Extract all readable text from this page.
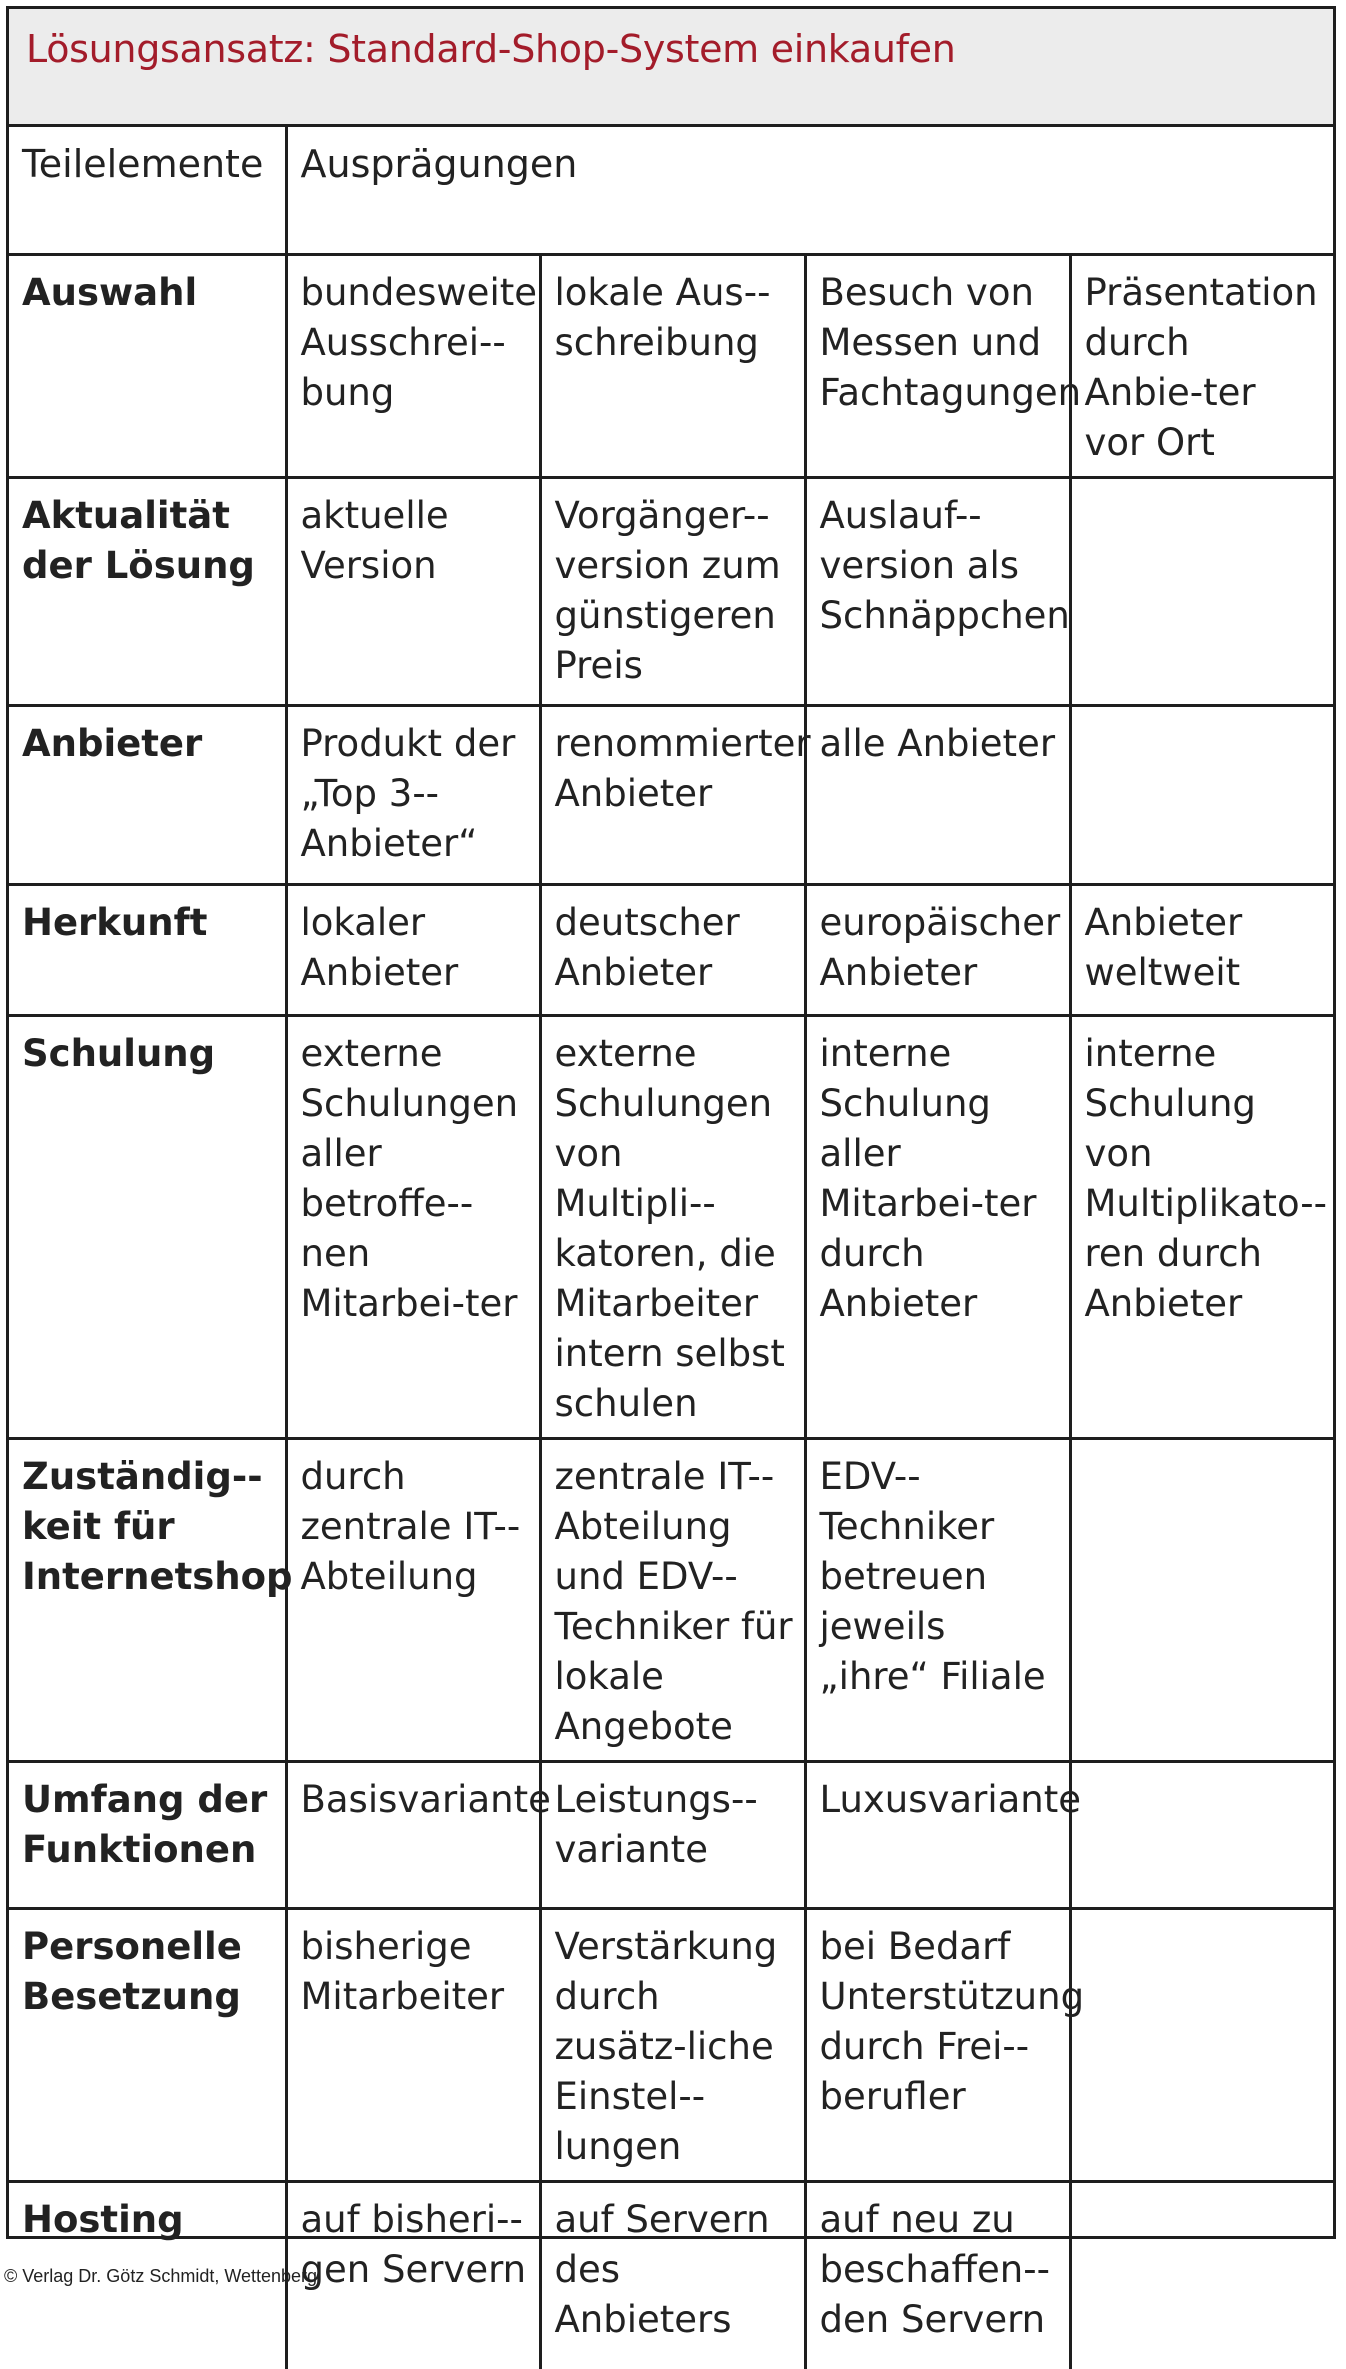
Lösungsansatz: Standard-Shop-System einkaufen
Teilelemente	Ausprägungen			
Auswahl	bundesweite Ausschrei-bung	lokale Aus-schreibung	Besuch von Messen und Fachtagungen	Präsentation durch Anbie-ter vor Ort
Aktualität der Lösung	aktuelle Version	Vorgänger-version zum günstigeren Preis	Auslauf-version als Schnäppchen	
Anbieter	Produkt der „Top 3-Anbieter“	renommierter Anbieter	alle Anbieter	
Herkunft	lokaler Anbieter	deutscher Anbieter	europäischer Anbieter	Anbieter weltweit
Schulung	externe Schulungen aller betroffe-nen Mitarbei-ter	externe Schulungen von Multipli-katoren, die Mitarbeiter intern selbst schulen	interne Schulung aller Mitarbei-ter durch Anbieter	interne Schulung von Multiplikato-ren durch Anbieter
Zuständig-keit für Internetshop	durch zentrale IT-Abteilung	zentrale IT-Abteilung und EDV-Techniker für lokale Angebote	EDV-Techniker betreuen jeweils „ihre“ Filiale	
Umfang der Funktionen	Basisvariante	Leistungs-variante	Luxusvariante	
Personelle Besetzung	bisherige Mitarbeiter	Verstärkung durch zusätz-liche Einstel-lungen	bei Bedarf Unterstützung durch Frei-berufler	
Hosting	auf bisheri-gen Servern	auf Servern des Anbieters	auf neu zu beschaffen-den Servern	
© Verlag Dr. Götz Schmidt, Wettenberg
